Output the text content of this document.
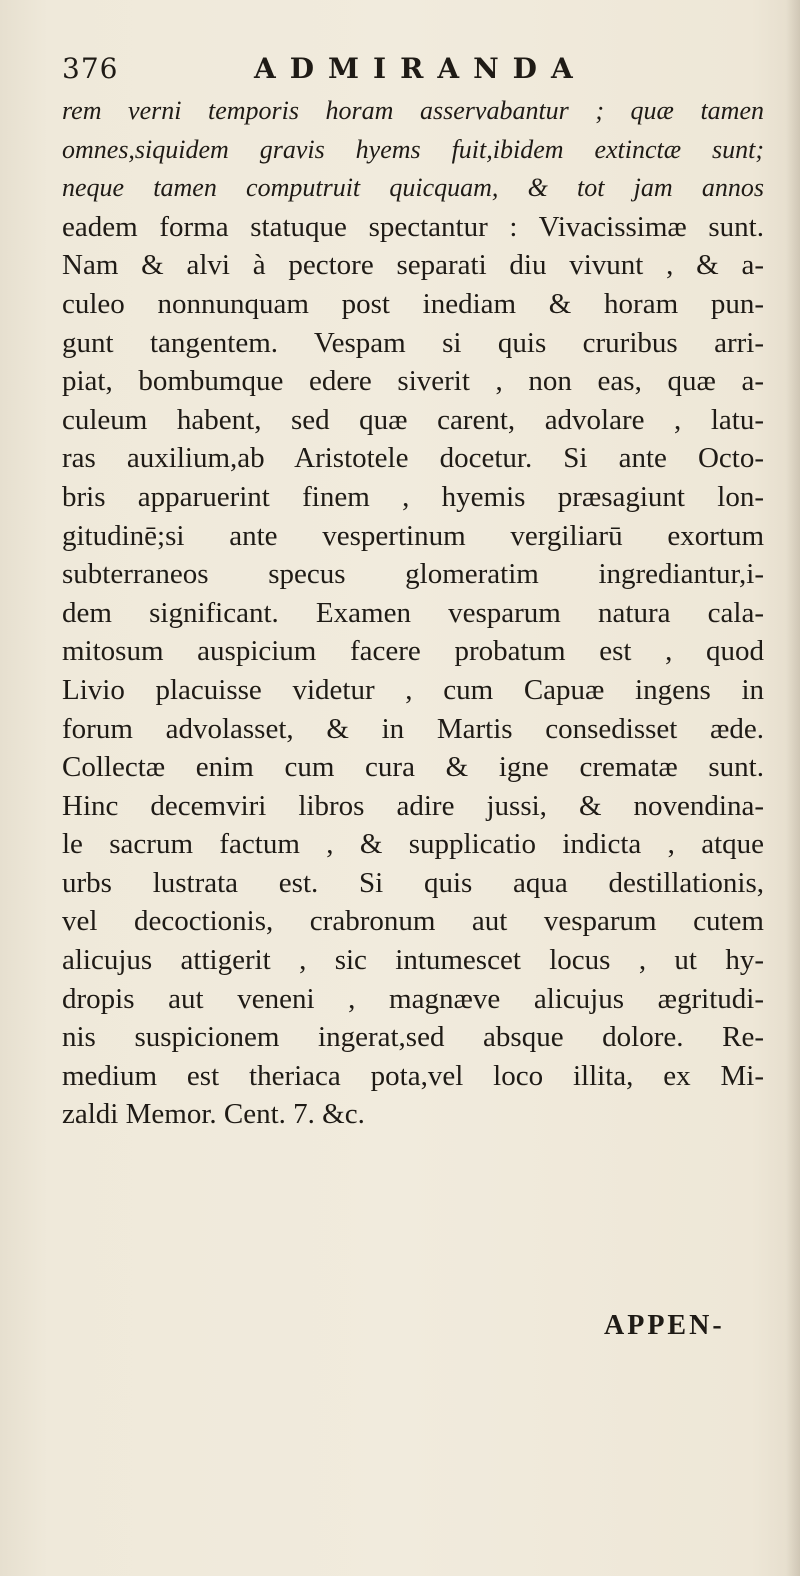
376	ADMIRANDA
rem verni temporis horam asservabantur ; quæ tamen
omnes,siquidem gravis hyems fuit,ibidem extinctæ sunt;
neque tamen computruit quicquam, & tot jam annos
eadem forma statuque spectantur : Vivacissimæ sunt.
Nam & alvi à pectore separati diu vivunt , & a-
culeo nonnunquam post inediam & horam pun-
gunt tangentem. Vespam si quis cruribus arri-
piat, bombumque edere siverit , non eas, quæ a-
culeum habent, sed quæ carent, advolare , latu-
ras auxilium,ab Aristotele docetur. Si ante Octo-
bris apparuerint finem , hyemis præsagiunt lon-
gitudinē;si ante vespertinum vergiliarū exortum
subterraneos specus glomeratim ingrediantur,i-
dem significant. Examen vesparum natura cala-
mitosum auspicium facere probatum est , quod
Livio placuisse videtur , cum Capuæ ingens in
forum advolasset, & in Martis consedisset æde.
Collectæ enim cum cura & igne crematæ sunt.
Hinc decemviri libros adire jussi, & novendina-
le sacrum factum , & supplicatio indicta , atque
urbs lustrata est. Si quis aqua destillationis,
vel decoctionis, crabronum aut vesparum cutem
alicujus attigerit , sic intumescet locus , ut hy-
dropis aut veneni , magnæve alicujus ægritudi-
nis suspicionem ingerat,sed absque dolore. Re-
medium est theriaca pota,vel loco illita, ex Mi-
zaldi Memor. Cent. 7. &c.
APPEN-
